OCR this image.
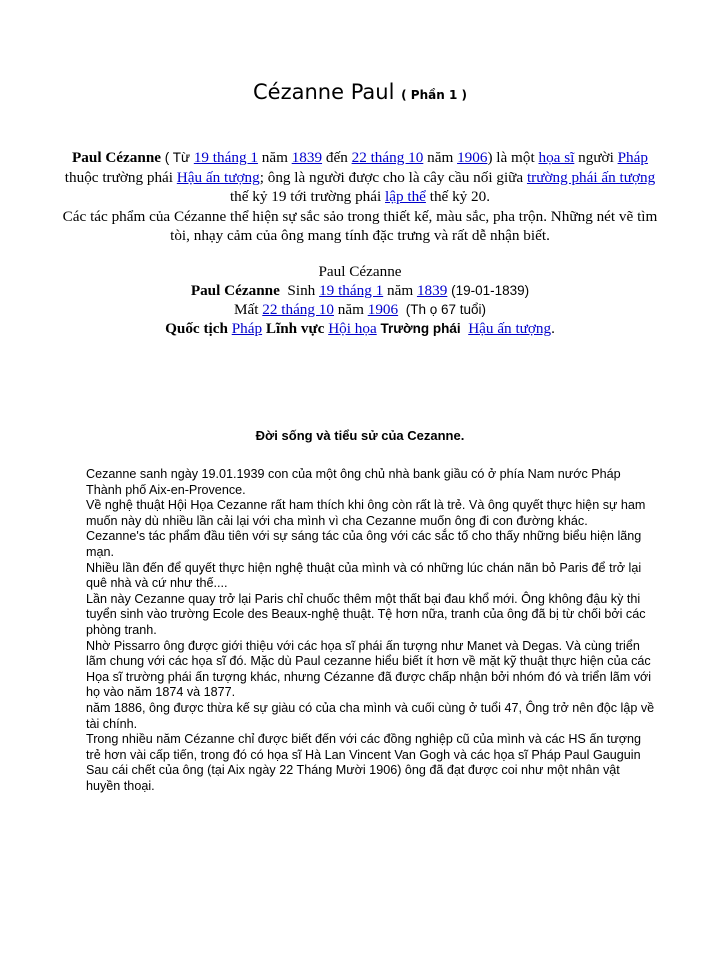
Cézanne Paul ( Phần 1 )

Paul Cézanne ( Từ 19 tháng 1 năm 1839 đến 22 tháng 10 năm 1906) là một họa sĩ người Pháp thuộc trường phái Hậu ấn tượng; ông là người được cho là cây cầu nối giữa trường phái ấn tượng thế kỷ 19 tới trường phái lập thể thế kỷ 20.

Các tác phẩm của Cézanne thể hiện sự sắc sảo trong thiết kế, màu sắc, pha trộn. Những nét vẽ tìm tòi, nhạy cảm của ông mang tính đặc trưng và rất dễ nhận biết.

Paul Cézanne
Paul Cézanne Sinh 19 tháng 1 năm 1839 (19-01-1839)
Mất 22 tháng 10 năm 1906 (Th ọ 67 tuổi)
Quốc tịch Pháp Lĩnh vực Hội họa Trường phái Hậu ấn tượng.
Đời sống và tiểu sử của Cezanne.

Cezanne sanh ngày 19.01.1939 con của một ông chủ nhà bank giầu có ở phía Nam nước Pháp Thành phố Aix-en-Provence.

Về nghệ thuật Hội Họa Cezanne rất ham thích khi ông còn rất là trẻ. Và ông quyết thực hiện sự ham muốn này dù nhiều lần cải lại với cha mình vì cha Cezanne muốn ông đi con đường khác.

Cezanne's tác phẩm đầu tiên với sự sáng tác của ông với các sắc tố cho thấy những biểu hiện lãng mạn.

Nhiều lần đến để quyết thực hiện nghệ thuật của mình và có những lúc chán nãn bỏ Paris để trở lại quê nhà và cứ như thế....

Lần này Cezanne quay trở lại Paris chỉ chuốc thêm một thất bại đau khổ mới. Ông không đậu kỳ thi tuyển sinh vào trường Ecole des Beaux-nghệ thuật. Tệ hơn nữa, tranh của ông đã bị từ chối bởi các phòng tranh.

Nhờ Pissarro ông được giới thiệu với các họa sĩ phái ấn tượng như Manet và Degas. Và cùng triển lãm chung với các họa sĩ đó. Mặc dù Paul cezanne hiểu biết ít hơn về mặt kỹ thuật thực hiện của các Họa sĩ trường phái ấn tượng khác, nhưng Cézanne đã được chấp nhận bởi nhóm đó và triển lãm với họ vào năm 1874 và 1877.

năm 1886, ông được thừa kế sự giàu có của cha mình và cuối cùng ở tuổi 47, Ông trở nên độc lập về tài chính.

Trong nhiều năm Cézanne chỉ được biết đến với các đồng nghiệp cũ của mình và các HS ấn tượng trẻ hơn vài cấp tiến, trong đó có họa sĩ Hà Lan Vincent Van Gogh và các họa sĩ Pháp Paul Gauguin Sau cái chết của ông (tại Aix ngày 22 Tháng Mười 1906) ông đã đạt được coi như một nhân vật huyền thoại.
